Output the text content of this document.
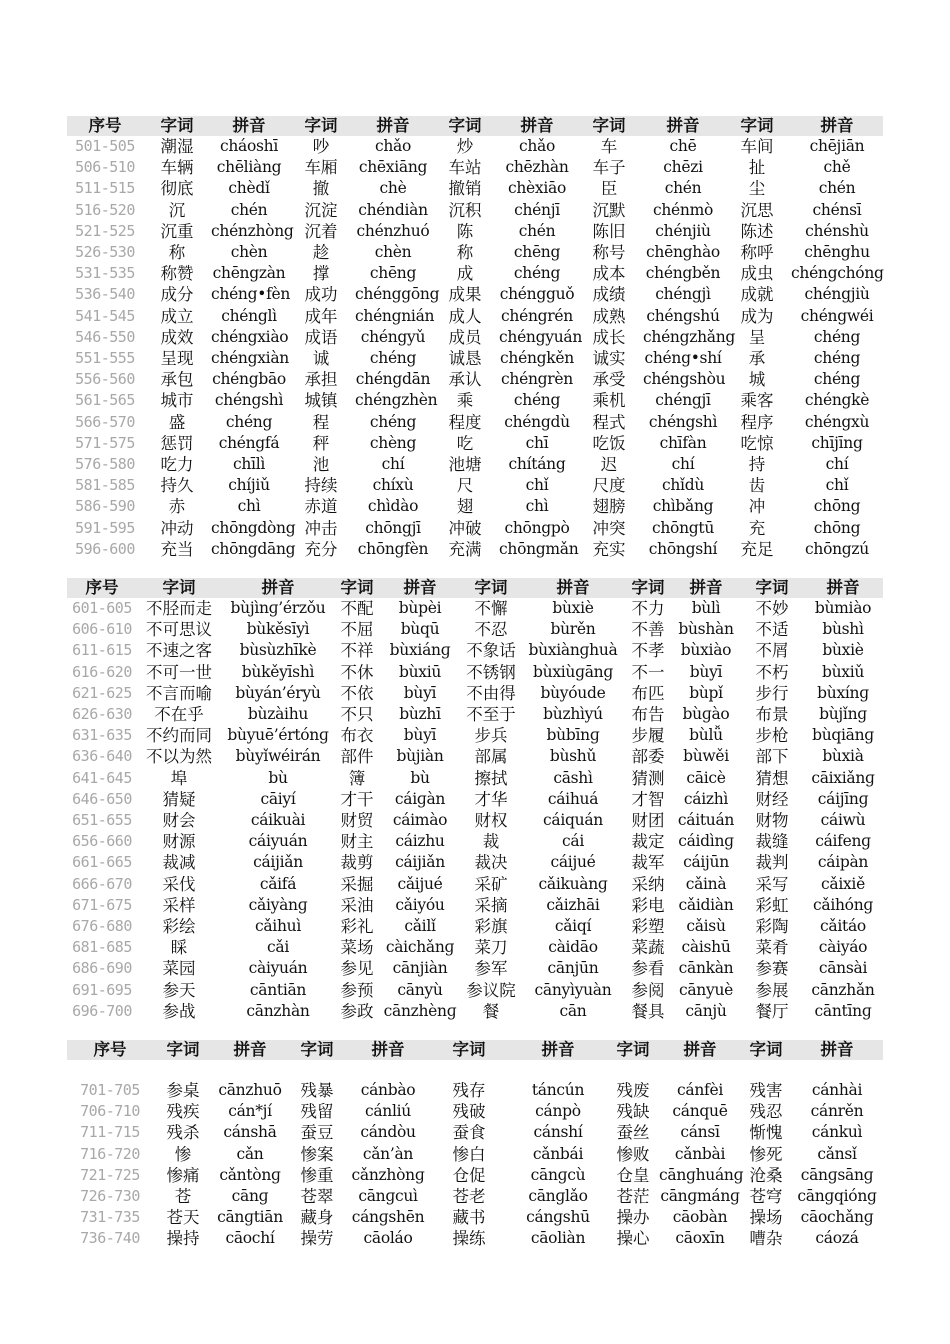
序号	字词	拼音	字词	拼音	字词	拼音	字词	拼音	字词	拼音
501-505	潮湿	cháoshī	吵	chǎo	炒	chǎo	车	chē	车间	chējiān
506-510	车辆	chēliàng	车厢	chēxiāng	车站	chēzhàn	车子	chēzi	扯	chě
511-515	彻底	chèdǐ	撤	chè	撤销	chèxiāo	臣	chén	尘	chén
516-520	沉	chén	沉淀	chéndiàn	沉积	chénjī	沉默	chénmò	沉思	chénsī
521-525	沉重	chénzhòng	沉着	chénzhuó	陈	chén	陈旧	chénjiù	陈述	chénshù
526-530	称	chèn	趁	chèn	称	chēng	称号	chēnghào	称呼	chēnghu
531-535	称赞	chēngzàn	撑	chēng	成	chéng	成本	chéngběn	成虫	chéngchóng
536-540	成分	chéng•fèn	成功	chénggōng	成果	chéngguǒ	成绩	chéngjì	成就	chéngjiù
541-545	成立	chénglì	成年	chéngnián	成人	chéngrén	成熟	chéngshú	成为	chéngwéi
546-550	成效	chéngxiào	成语	chéngyǔ	成员	chéngyuán	成长	chéngzhǎng	呈	chéng
551-555	呈现	chéngxiàn	诚	chéng	诚恳	chéngkěn	诚实	chéng•shí	承	chéng
556-560	承包	chéngbāo	承担	chéngdān	承认	chéngrèn	承受	chéngshòu	城	chéng
561-565	城市	chéngshì	城镇	chéngzhèn	乘	chéng	乘机	chéngjī	乘客	chéngkè
566-570	盛	chéng	程	chéng	程度	chéngdù	程式	chéngshì	程序	chéngxù
571-575	惩罚	chéngfá	秤	chèng	吃	chī	吃饭	chīfàn	吃惊	chījīng
576-580	吃力	chīlì	池	chí	池塘	chítáng	迟	chí	持	chí
581-585	持久	chíjiǔ	持续	chíxù	尺	chǐ	尺度	chǐdù	齿	chǐ
586-590	赤	chì	赤道	chìdào	翅	chì	翅膀	chìbǎng	冲	chōng
591-595	冲动	chōngdòng	冲击	chōngjī	冲破	chōngpò	冲突	chōngtū	充	chōng
596-600	充当	chōngdāng	充分	chōngfèn	充满	chōngmǎn	充实	chōngshí	充足	chōngzú
序号	字词	拼音	字词	拼音	字词	拼音	字词	拼音	字词	拼音
601-605	不胫而走	bùjìnɡ’érzǒu	不配	bùpèi	不懈	bùxiè	不力	bùlì	不妙	bùmiào
606-610	不可思议	bùkěsīyì	不屈	bùqū	不忍	bùrěn	不善	bùshàn	不适	bùshì
611-615	不速之客	bùsùzhīkè	不祥	bùxiánɡ	不象话	bùxiànɡhuà	不孝	bùxiào	不屑	bùxiè
616-620	不可一世	bùkěyīshì	不休	bùxiū	不锈钢	bùxiùɡānɡ	不一	bùyī	不朽	bùxiǔ
621-625	不言而喻	bùyán’éryù	不依	bùyī	不由得	bùyóude	布匹	bùpǐ	步行	bùxínɡ
626-630	不在乎	bùzàihu	不只	bùzhī	不至于	bùzhìyú	布告	bùɡào	布景	bùjǐnɡ
631-635	不约而同	bùyuē’értónɡ	布衣	bùyī	步兵	bùbīnɡ	步履	bùlǚ	步枪	bùqiānɡ
636-640	不以为然	bùyǐwéirán	部件	bùjiàn	部属	bùshǔ	部委	bùwěi	部下	bùxià
641-645	埠	bù	簿	bù	擦拭	cāshì	猜测	cāicè	猜想	cāixiǎnɡ
646-650	猜疑	cāiyí	才干	cáiɡàn	才华	cáihuá	才智	cáizhì	财经	cáijīnɡ
651-655	财会	cáikuài	财贸	cáimào	财权	cáiquán	财团	cáituán	财物	cáiwù
656-660	财源	cáiyuán	财主	cáizhu	裁	cái	裁定	cáidìnɡ	裁缝	cáifenɡ
661-665	裁减	cáijiǎn	裁剪	cáijiǎn	裁决	cáijué	裁军	cáijūn	裁判	cáipàn
666-670	采伐	cǎifá	采掘	cǎijué	采矿	cǎikuànɡ	采纳	cǎinà	采写	cǎixiě
671-675	采样	cǎiyànɡ	采油	cǎiyóu	采摘	cǎizhāi	彩电	cǎidiàn	彩虹	cǎihónɡ
676-680	彩绘	cǎihuì	彩礼	cǎilǐ	彩旗	cǎiqí	彩塑	cǎisù	彩陶	cǎitáo
681-685	睬	cǎi	菜场	càichǎnɡ	菜刀	càidāo	菜蔬	càishū	菜肴	càiyáo
686-690	菜园	càiyuán	参见	cānjiàn	参军	cānjūn	参看	cānkàn	参赛	cānsài
691-695	参天	cāntiān	参预	cānyù	参议院	cānyìyuàn	参阅	cānyuè	参展	cānzhǎn
696-700	参战	cānzhàn	参政	cānzhènɡ	餐	cān	餐具	cānjù	餐厅	cāntīnɡ
序号	字词	拼音	字词	拼音	字词	拼音	字词	拼音	字词	拼音

701-705	参桌	cānzhuō	残暴	cánbào	残存	táncún	残废	cánfèi	残害	cánhài
706-710	残疾	cán*jí	残留	cánliú	残破	cánpò	残缺	cánquē	残忍	cánrěn
711-715	残杀	cánshā	蚕豆	cándòu	蚕食	cánshí	蚕丝	cánsī	惭愧	cánkuì
716-720	惨	cǎn	惨案	cǎn’àn	惨白	cǎnbái	惨败	cǎnbài	惨死	cǎnsǐ
721-725	惨痛	cǎntònɡ	惨重	cǎnzhònɡ	仓促	cānɡcù	仓皇	cānɡhuánɡ	沧桑	cānɡsānɡ
726-730	苍	cānɡ	苍翠	cānɡcuì	苍老	cānɡlǎo	苍茫	cānɡmánɡ	苍穹	cānɡqiónɡ
731-735	苍天	cānɡtiān	藏身	cánɡshēn	藏书	cánɡshū	操办	cāobàn	操场	cāochǎnɡ
736-740	操持	cāochí	操劳	cāoláo	操练	cāoliàn	操心	cāoxīn	嘈杂	cáozá
